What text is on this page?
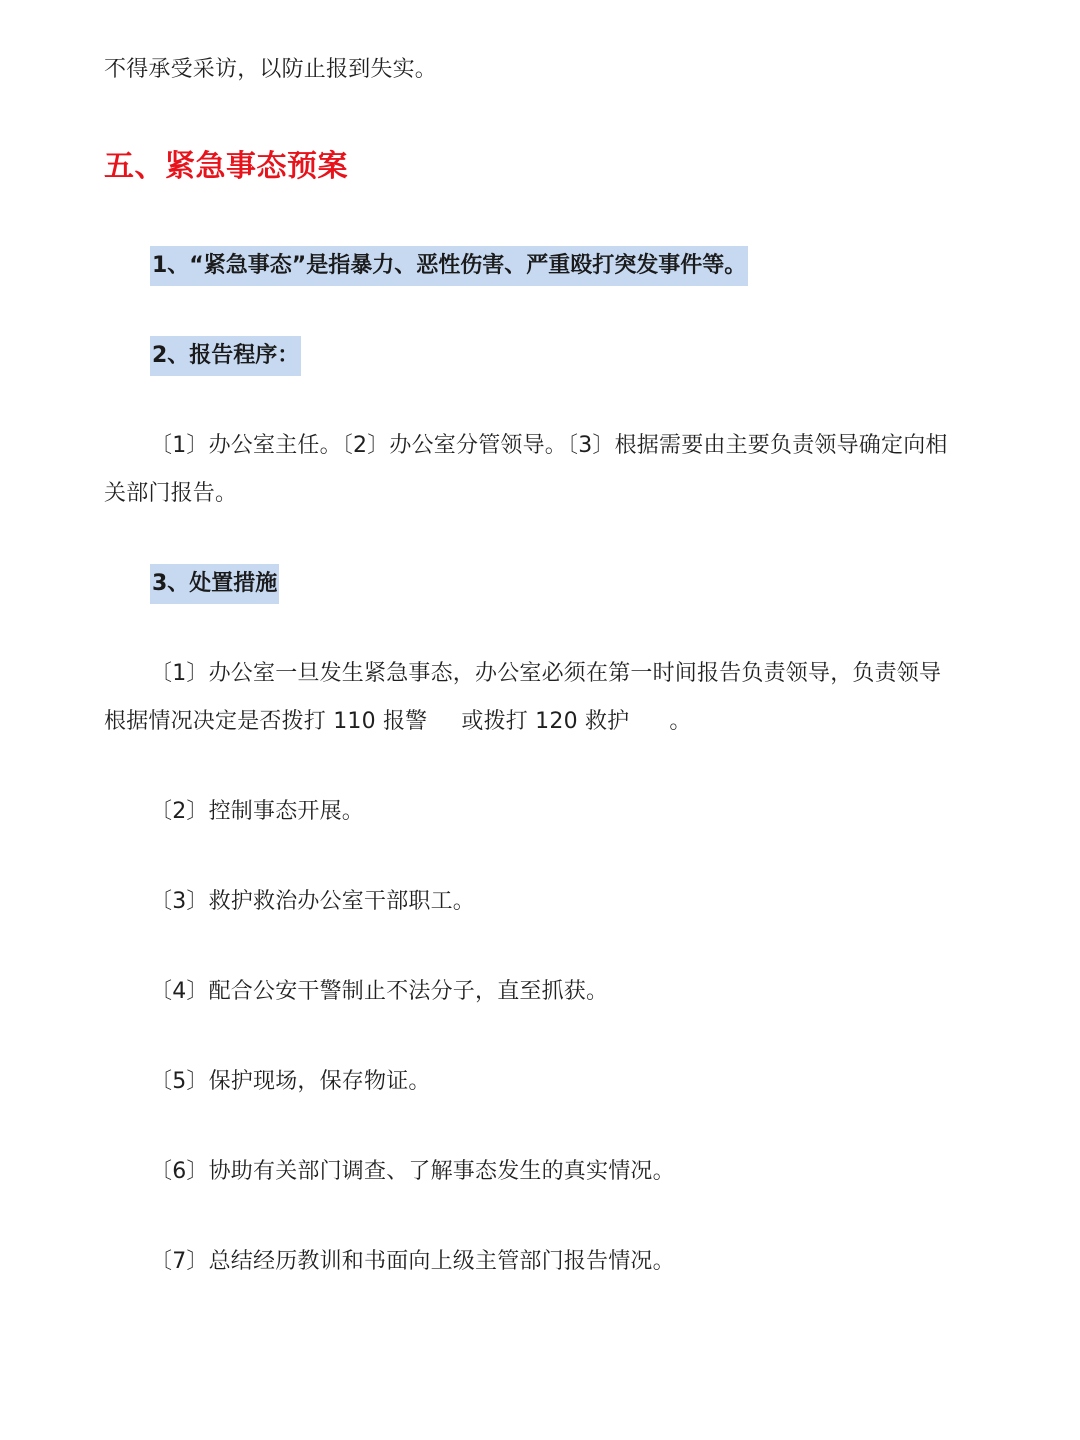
不得承受采访，以防止报到失实。
五、紧急事态预案
1、“紧急事态”是指暴力、恶性伤害、严重殴打突发事件等。
2、报告程序：
〔1〕办公室主任。〔2〕办公室分管领导。〔3〕根据需要由主要负责领导确定向相
关部门报告。
3、处置措施
〔1〕办公室一旦发生紧急事态，办公室必须在第一时间报告负责领导，负责领导
根据情况决定是否拨打 110 报警 或拨打 120 救护 。
〔2〕控制事态开展。
〔3〕救护救治办公室干部职工。
〔4〕配合公安干警制止不法分子，直至抓获。
〔5〕保护现场，保存物证。
〔6〕协助有关部门调查、了解事态发生的真实情况。
〔7〕总结经历教训和书面向上级主管部门报告情况。
